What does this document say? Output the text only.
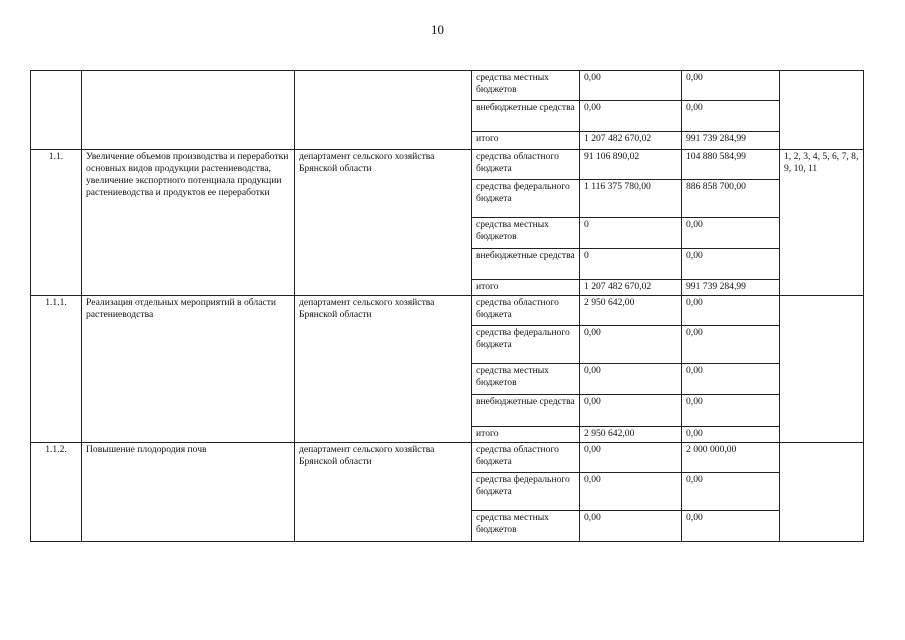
10
			средства местных бюджетов	0,00	0,00	
			внебюджетные средства	0,00	0,00	
			итого	1 207 482 670,02	991 739 284,99	
1.1.	Увеличение объемов производства и переработки основных видов продукции растениеводства, увеличение экспортного потенциала продукции растениеводства и продуктов ее переработки	департамент сельского хозяйства Брянской области	средства областного бюджета	91 106 890,02	104 880 584,99	1, 2, 3, 4, 5, 6, 7, 8, 9, 10, 11
			средства федерального бюджета	1 116 375 780,00	886 858 700,00	
			средства местных бюджетов	0	0,00	
			внебюджетные средства	0	0,00	
			итого	1 207 482 670,02	991 739 284,99	
1.1.1.	Реализация отдельных мероприятий в области растениеводства	департамент сельского хозяйства Брянской области	средства областного бюджета	2 950 642,00	0,00	
			средства федерального бюджета	0,00	0,00	
			средства местных бюджетов	0,00	0,00	
			внебюджетные средства	0,00	0,00	
			итого	2 950 642,00	0,00	
1.1.2.	Повышение плодородия почв	департамент сельского хозяйства Брянской области	средства областного бюджета	0,00	2 000 000,00	
			средства федерального бюджета	0,00	0,00	
			средства местных бюджетов	0,00	0,00	
